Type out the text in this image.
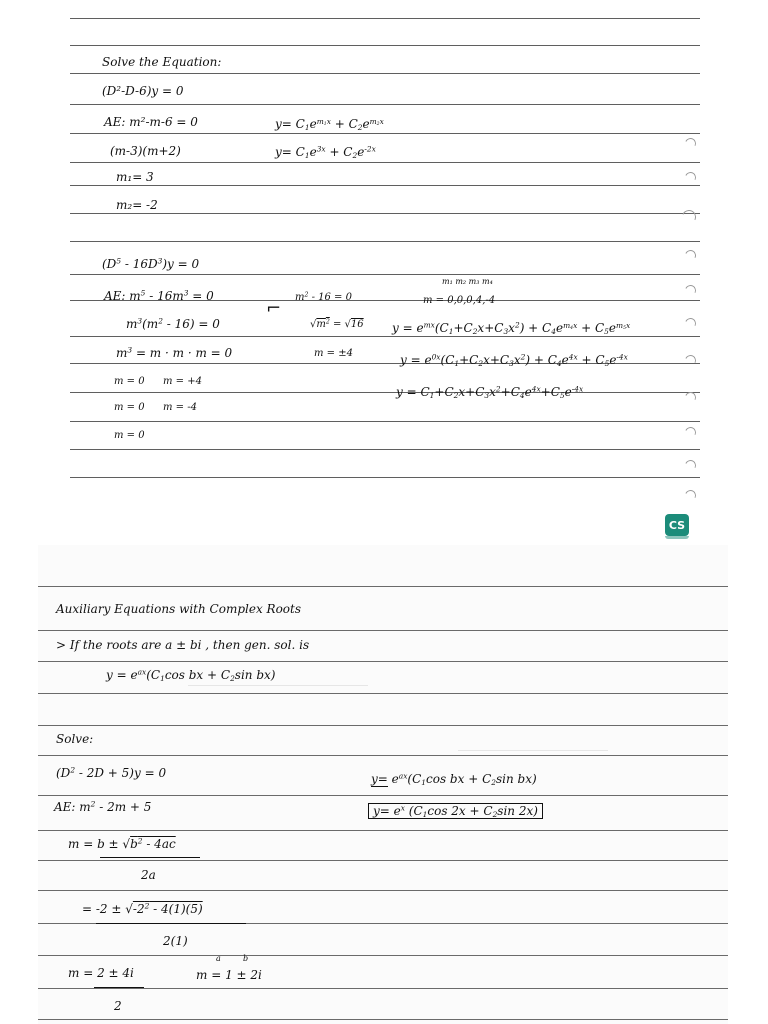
Solve the Equation:
(D²-D-6)y = 0
AE: m²-m-6 = 0
(m-3)(m+2)
m₁= 3
m₂= -2
$y= C_1e^{m_1x} + C_2e^{m_2x}$
$y= C_1e^{3x} + C_2e^{-2x}$
$(D^5 - 16D^3)y = 0$
AE: $m^5 - 16m^3 = 0$
$m^3(m^2 - 16) = 0$
$m^3 = m \cdot m \cdot m = 0$
m = 0
m = 0
m = 0
m = +4
m = -4
⌐
$m^2 - 16 = 0$
$√m^2 = √16$
m = ±4
m₁ m₂ m₃ m₄
m = 0,0,0,4,-4
$y = e^{mx}(C_1+C_2x+C_3x^2) + C_4e^{m_4x} + C_5e^{m_5x}$
$y = e^{0x}(C_1+C_2x+C_3x^2) + C_4e^{4x} + C_5e^{-4x}$
$y = C_1+C_2x+C_3x^2+C_4e^{4x}+C_5e^{-4x}$
CS
Auxiliary Equations with Complex Roots
> If the roots are a ± bi , then gen. sol. is
$y = e^{ax}(C_1\cos$ bx + $C_2\sin$ bx)
Solve:
$(D^2 - 2D + 5)y = 0$
AE: $m^2 - 2m + 5$
$m = b \pm √b^2 - 4ac$
2a
= $-2 \pm √-2^2 - 4(1)(5)$
2(1)
m = 2 ± 4i
2
a	b
m = 1 ± 2i
$y= e^{ax}(C_1\cos$ bx + $C_2\sin$ bx)
$y= e^x$ ($C_1\cos$ $2x + C_2\sin$ 2x)
